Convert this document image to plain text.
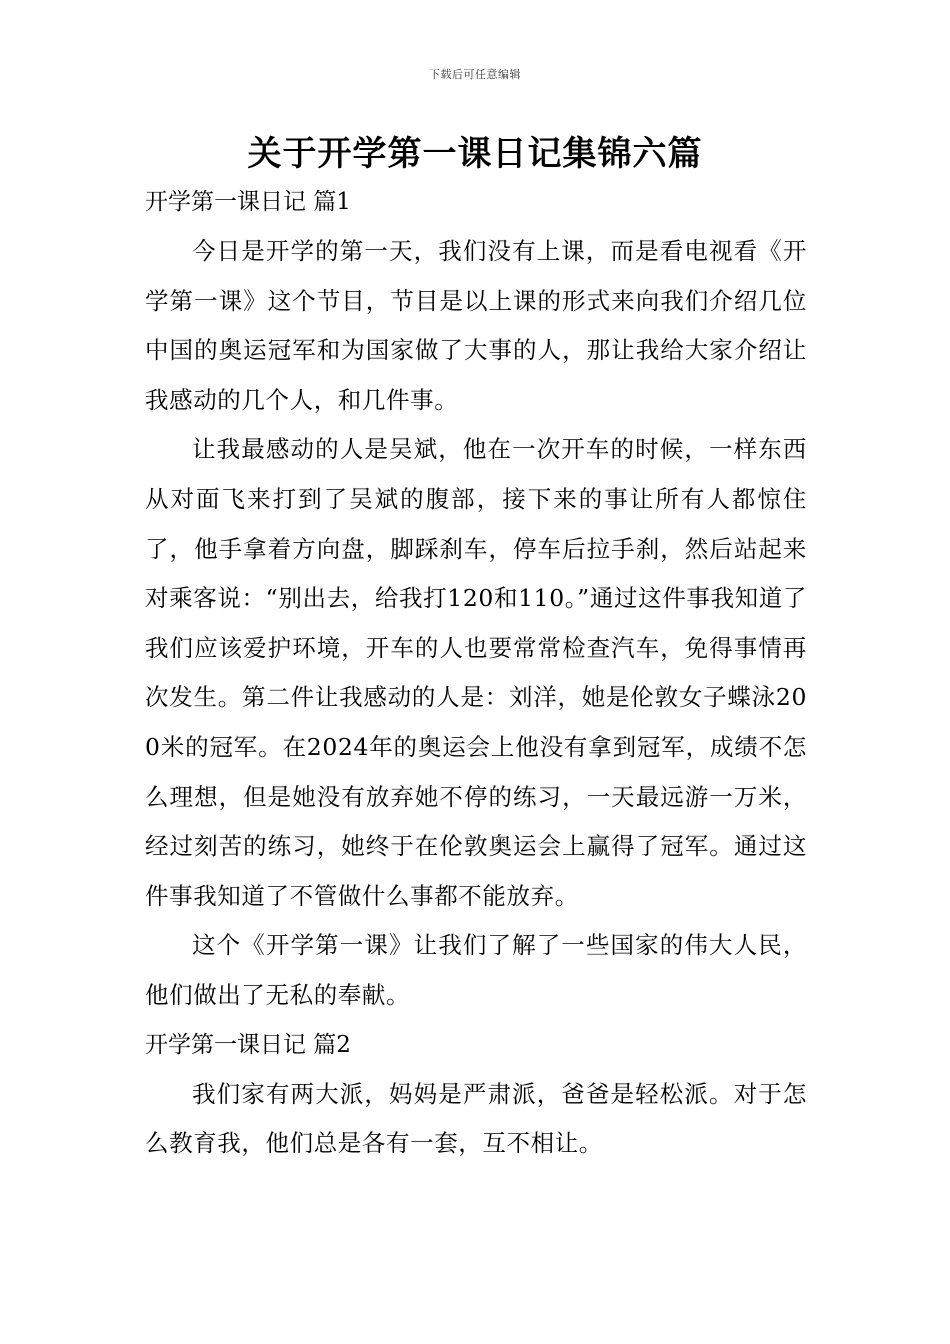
下载后可任意编辑
关于开学第一课日记集锦六篇
开学第一课日记 篇1

今日是开学的第一天，我们没有上课，而是看电视看《开学第一课》这个节目，节目是以上课的形式来向我们介绍几位中国的奥运冠军和为国家做了大事的人，那让我给大家介绍让我感动的几个人，和几件事。

让我最感动的人是吴斌，他在一次开车的时候，一样东西从对面飞来打到了吴斌的腹部，接下来的事让所有人都惊住了，他手拿着方向盘，脚踩刹车，停车后拉手刹，然后站起来对乘客说：“别出去，给我打120和110。”通过这件事我知道了我们应该爱护环境，开车的人也要常常检查汽车，免得事情再次发生。第二件让我感动的人是：刘洋，她是伦敦女子蝶泳200米的冠军。在2024年的奥运会上他没有拿到冠军，成绩不怎么理想，但是她没有放弃她不停的练习，一天最远游一万米，经过刻苦的练习，她终于在伦敦奥运会上赢得了冠军。通过这件事我知道了不管做什么事都不能放弃。

这个《开学第一课》让我们了解了一些国家的伟大人民，他们做出了无私的奉献。

开学第一课日记 篇2

我们家有两大派，妈妈是严肃派，爸爸是轻松派。对于怎么教育我，他们总是各有一套，互不相让。
